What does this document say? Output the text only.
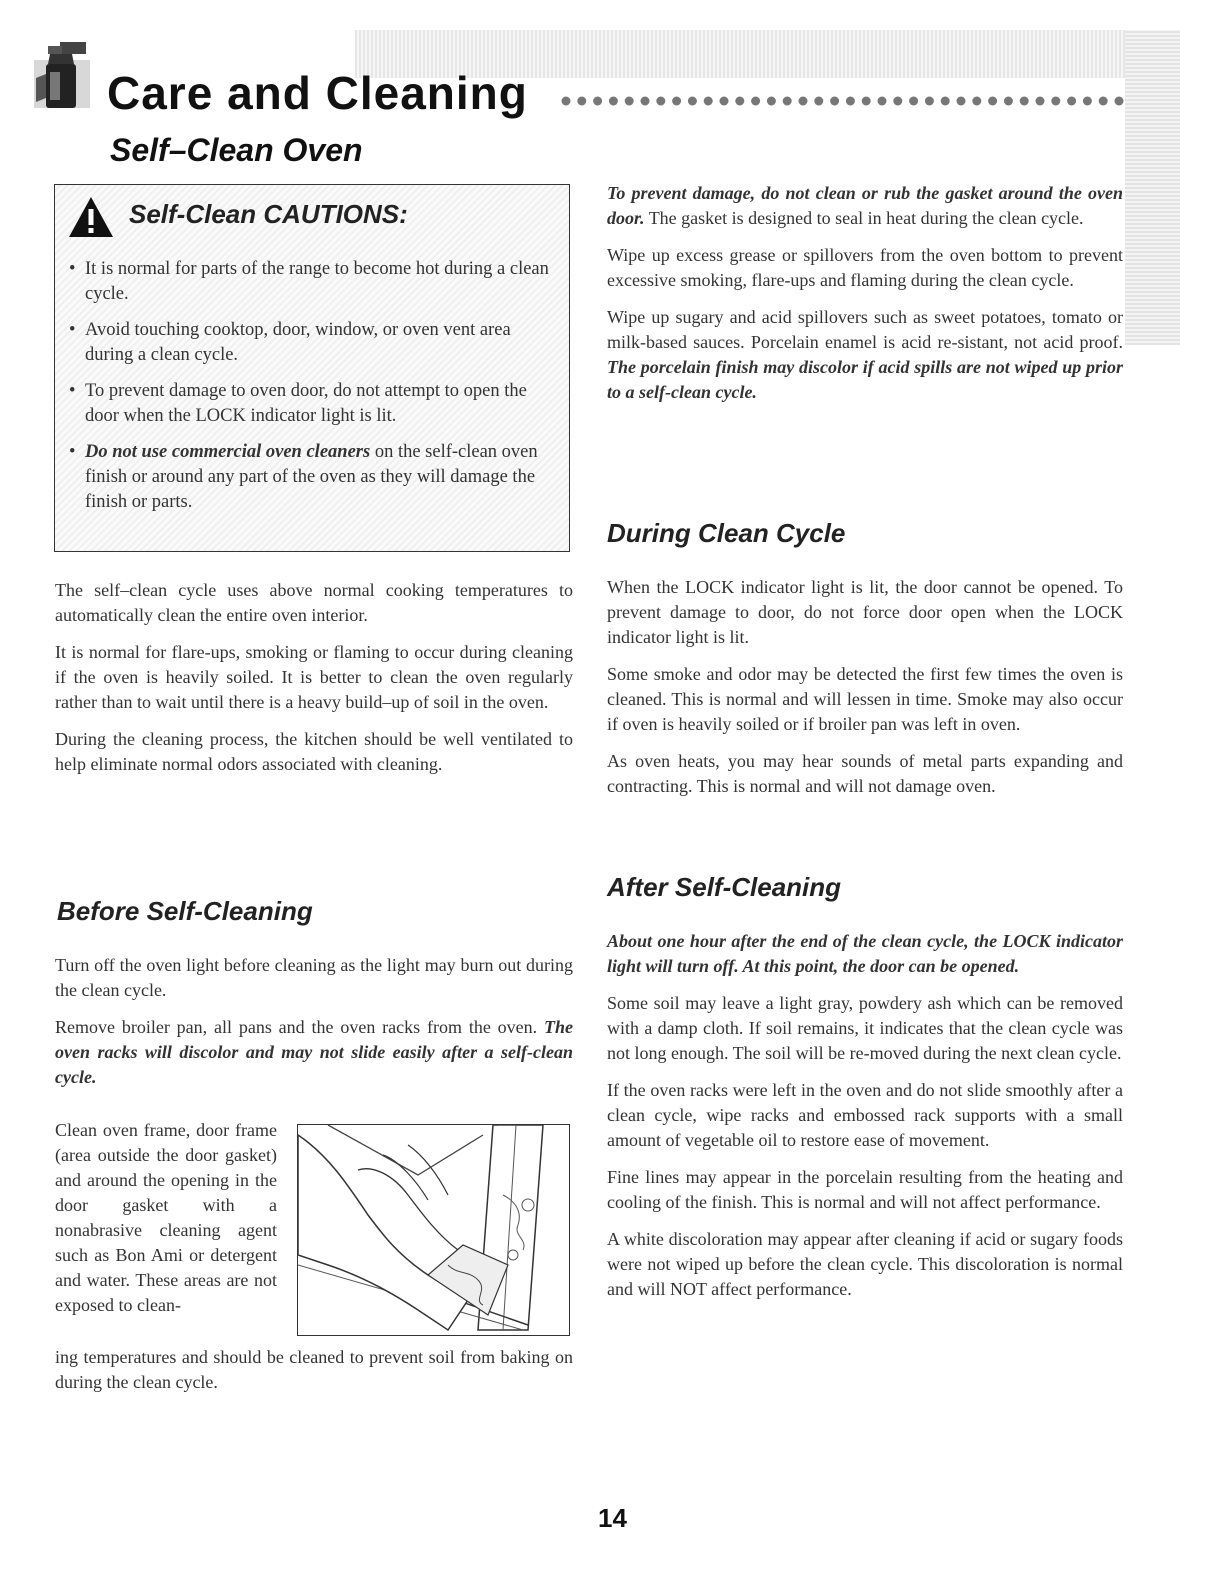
Care and Cleaning
Self–Clean Oven
Self-Clean CAUTIONS:
• It is normal for parts of the range to become hot during a clean cycle.
• Avoid touching cooktop, door, window, or oven vent area during a clean cycle.
• To prevent damage to oven door, do not attempt to open the door when the LOCK indicator light is lit.
• Do not use commercial oven cleaners on the self-clean oven finish or around any part of the oven as they will damage the finish or parts.

The self–clean cycle uses above normal cooking temperatures to automatically clean the entire oven interior.

It is normal for flare-ups, smoking or flaming to occur during cleaning if the oven is heavily soiled. It is better to clean the oven regularly rather than to wait until there is a heavy build–up of soil in the oven.

During the cleaning process, the kitchen should be well ventilated to help eliminate normal odors associated with cleaning.

Before Self-Cleaning

Turn off the oven light before cleaning as the light may burn out during the clean cycle.

Remove broiler pan, all pans and the oven racks from the oven. The oven racks will discolor and may not slide easily after a self-clean cycle.

Clean oven frame, door frame (area outside the door gasket) and around the opening in the door gasket with a nonabrasive cleaning agent such as Bon Ami or detergent and water. These areas are not exposed to clean-

ing temperatures and should be cleaned to prevent soil from baking on during the clean cycle.

To prevent damage, do not clean or rub the gasket around the oven door. The gasket is designed to seal in heat during the clean cycle.

Wipe up excess grease or spillovers from the oven bottom to prevent excessive smoking, flare-ups and flaming during the clean cycle.

Wipe up sugary and acid spillovers such as sweet potatoes, tomato or milk-based sauces. Porcelain enamel is acid re-sistant, not acid proof. The porcelain finish may discolor if acid spills are not wiped up prior to a self-clean cycle.

During Clean Cycle

When the LOCK indicator light is lit, the door cannot be opened. To prevent damage to door, do not force door open when the LOCK indicator light is lit.

Some smoke and odor may be detected the first few times the oven is cleaned. This is normal and will lessen in time. Smoke may also occur if oven is heavily soiled or if broiler pan was left in oven.

As oven heats, you may hear sounds of metal parts expanding and contracting. This is normal and will not damage oven.

After Self-Cleaning

About one hour after the end of the clean cycle, the LOCK indicator light will turn off. At this point, the door can be opened.

Some soil may leave a light gray, powdery ash which can be removed with a damp cloth. If soil remains, it indicates that the clean cycle was not long enough. The soil will be re-moved during the next clean cycle.

If the oven racks were left in the oven and do not slide smoothly after a clean cycle, wipe racks and embossed rack supports with a small amount of vegetable oil to restore ease of movement.

Fine lines may appear in the porcelain resulting from the heating and cooling of the finish. This is normal and will not affect performance.

A white discoloration may appear after cleaning if acid or sugary foods were not wiped up before the clean cycle. This discoloration is normal and will NOT affect performance.

14
